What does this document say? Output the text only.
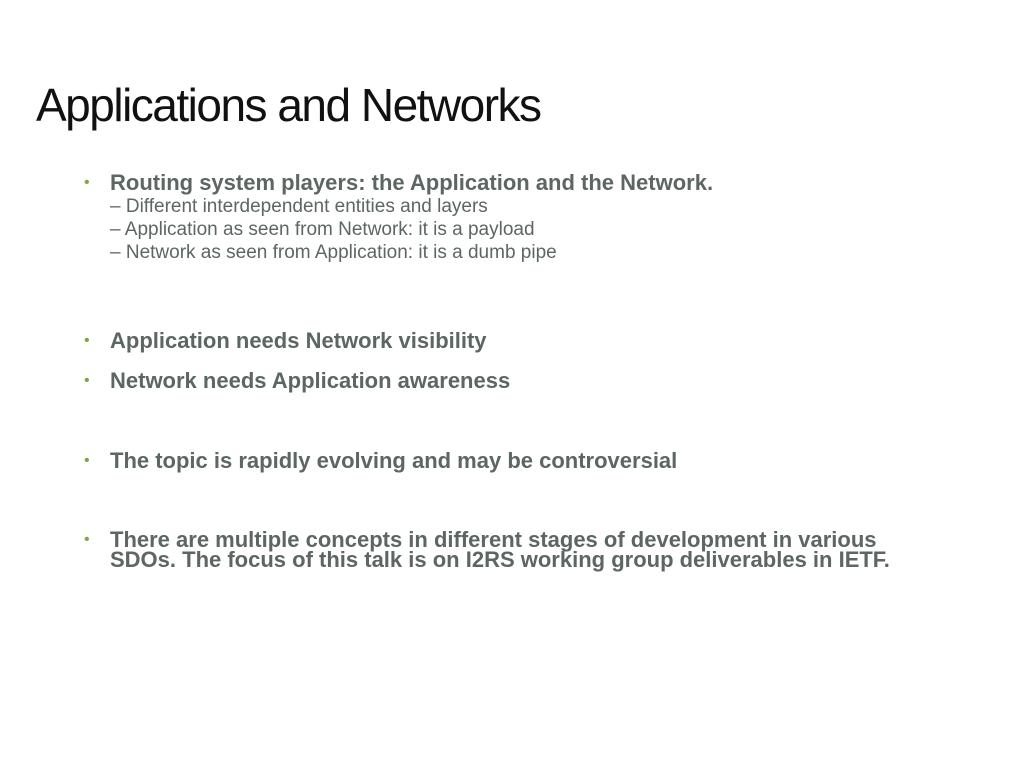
Applications and Networks
• Routing system players: the Application and the Network.
– Different interdependent entities and layers
– Application as seen from Network: it is a payload
– Network as seen from Application: it is a dumb pipe
• Application needs Network visibility
• Network needs Application awareness
• The topic is rapidly evolving and may be controversial
• There are multiple concepts in different stages of development in various SDOs. The focus of this talk is on I2RS working group deliverables in IETF.
